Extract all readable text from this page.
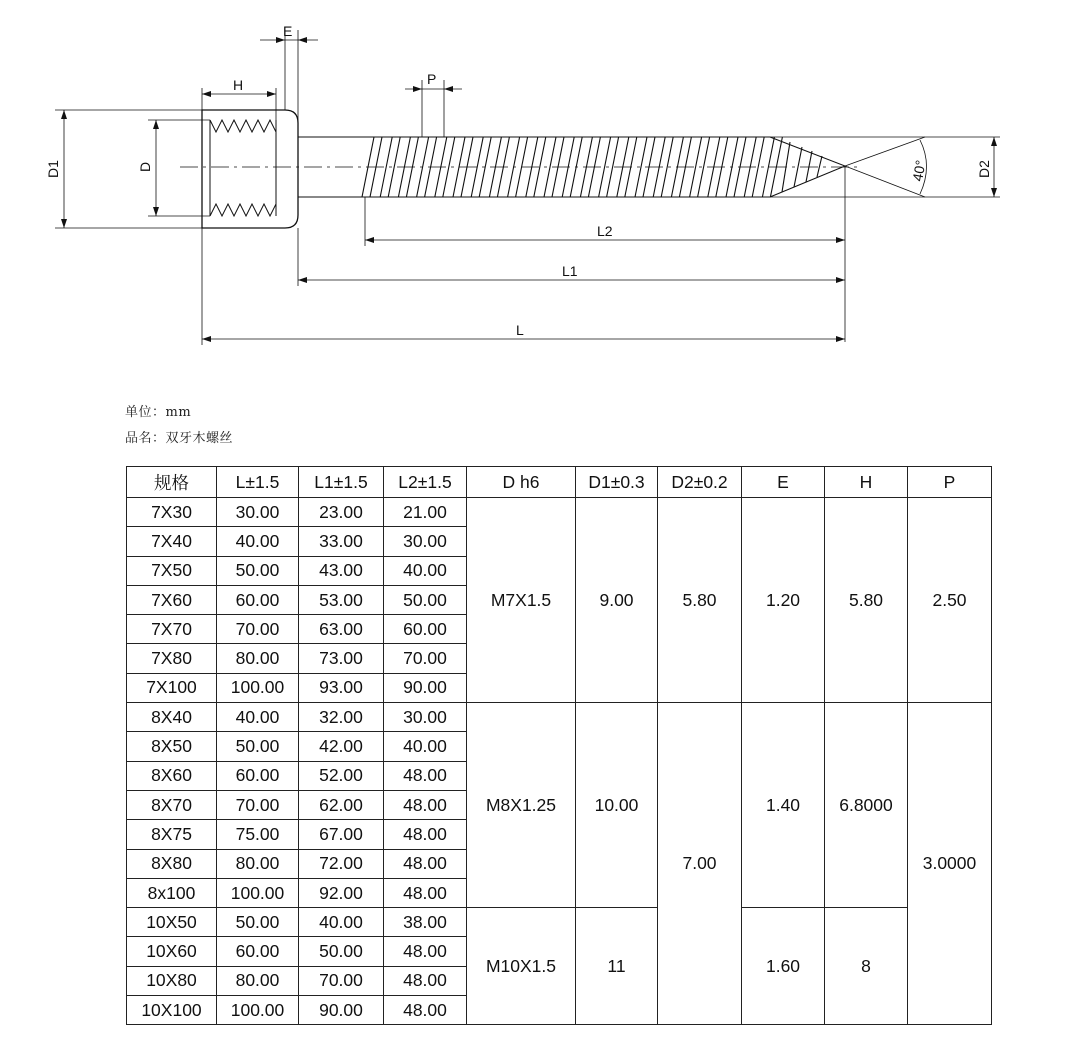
E
H	P
L2
L1
L
D1	D	D2
40°
单位：mm
品名：双牙木螺丝
规格	L±1.5	L1±1.5	L2±1.5	D h6	D1±0.3	D2±0.2	E	H	P
7X30	30.00	23.00	21.00	M7X1.5	9.00	5.80	1.20	5.80	2.50
7X40	40.00	33.00	30.00						
7X50	50.00	43.00	40.00						
7X60	60.00	53.00	50.00						
7X70	70.00	63.00	60.00						
7X80	80.00	73.00	70.00						
7X100	100.00	93.00	90.00						
8X40	40.00	32.00	30.00	M8X1.25	10.00	7.00	1.40	6.8000	3.0000
8X50	50.00	42.00	40.00						
8X60	60.00	52.00	48.00						
8X70	70.00	62.00	48.00						
8X75	75.00	67.00	48.00						
8X80	80.00	72.00	48.00						
8x100	100.00	92.00	48.00						
10X50	50.00	40.00	38.00	M10X1.5	11		1.60	8	
10X60	60.00	50.00	48.00						
10X80	80.00	70.00	48.00						
10X100	100.00	90.00	48.00						
